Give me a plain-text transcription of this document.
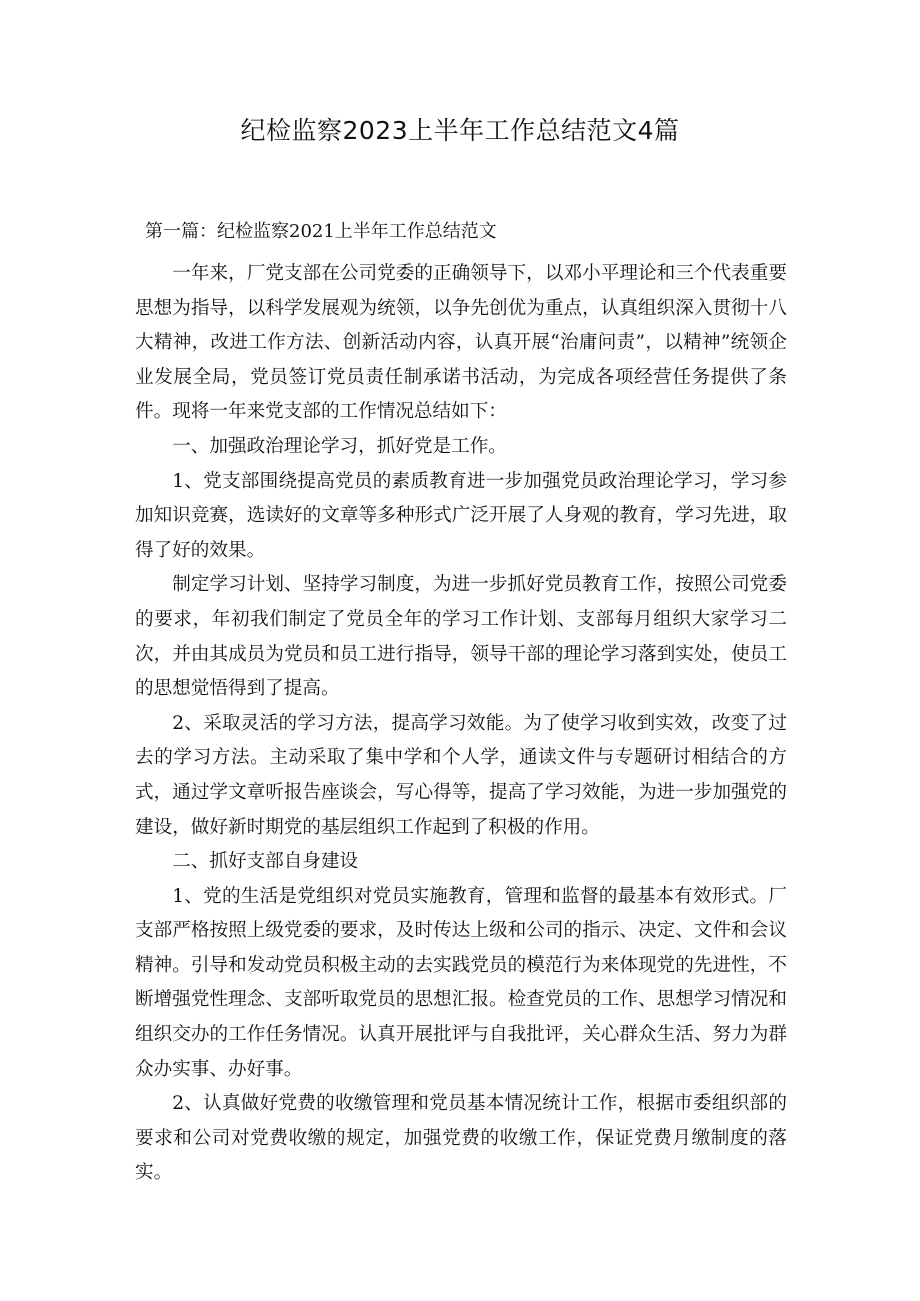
纪检监察2023上半年工作总结范文4篇

第一篇：纪检监察2021上半年工作总结范文

一年来，厂党支部在公司党委的正确领导下，以邓小平理论和三个代表重要思想为指导，以科学发展观为统领，以争先创优为重点，认真组织深入贯彻十八大精神，改进工作方法、创新活动内容，认真开展“治庸问责”，以精神”统领企业发展全局，党员签订党员责任制承诺书活动，为完成各项经营任务提供了条件。现将一年来党支部的工作情况总结如下：

一、加强政治理论学习，抓好党是工作。

1、党支部围绕提高党员的素质教育进一步加强党员政治理论学习，学习参加知识竞赛，选读好的文章等多种形式广泛开展了人身观的教育，学习先进，取得了好的效果。

制定学习计划、坚持学习制度，为进一步抓好党员教育工作，按照公司党委的要求，年初我们制定了党员全年的学习工作计划、支部每月组织大家学习二次，并由其成员为党员和员工进行指导，领导干部的理论学习落到实处，使员工的思想觉悟得到了提高。

2、采取灵活的学习方法，提高学习效能。为了使学习收到实效，改变了过去的学习方法。主动采取了集中学和个人学，通读文件与专题研讨相结合的方式，通过学文章听报告座谈会，写心得等，提高了学习效能，为进一步加强党的建设，做好新时期党的基层组织工作起到了积极的作用。

二、抓好支部自身建设

1、党的生活是党组织对党员实施教育，管理和监督的最基本有效形式。厂支部严格按照上级党委的要求，及时传达上级和公司的指示、决定、文件和会议精神。引导和发动党员积极主动的去实践党员的模范行为来体现党的先进性，不断增强党性理念、支部听取党员的思想汇报。检查党员的工作、思想学习情况和组织交办的工作任务情况。认真开展批评与自我批评，关心群众生活、努力为群众办实事、办好事。

2、认真做好党费的收缴管理和党员基本情况统计工作，根据市委组织部的要求和公司对党费收缴的规定，加强党费的收缴工作，保证党费月缴制度的落实。
